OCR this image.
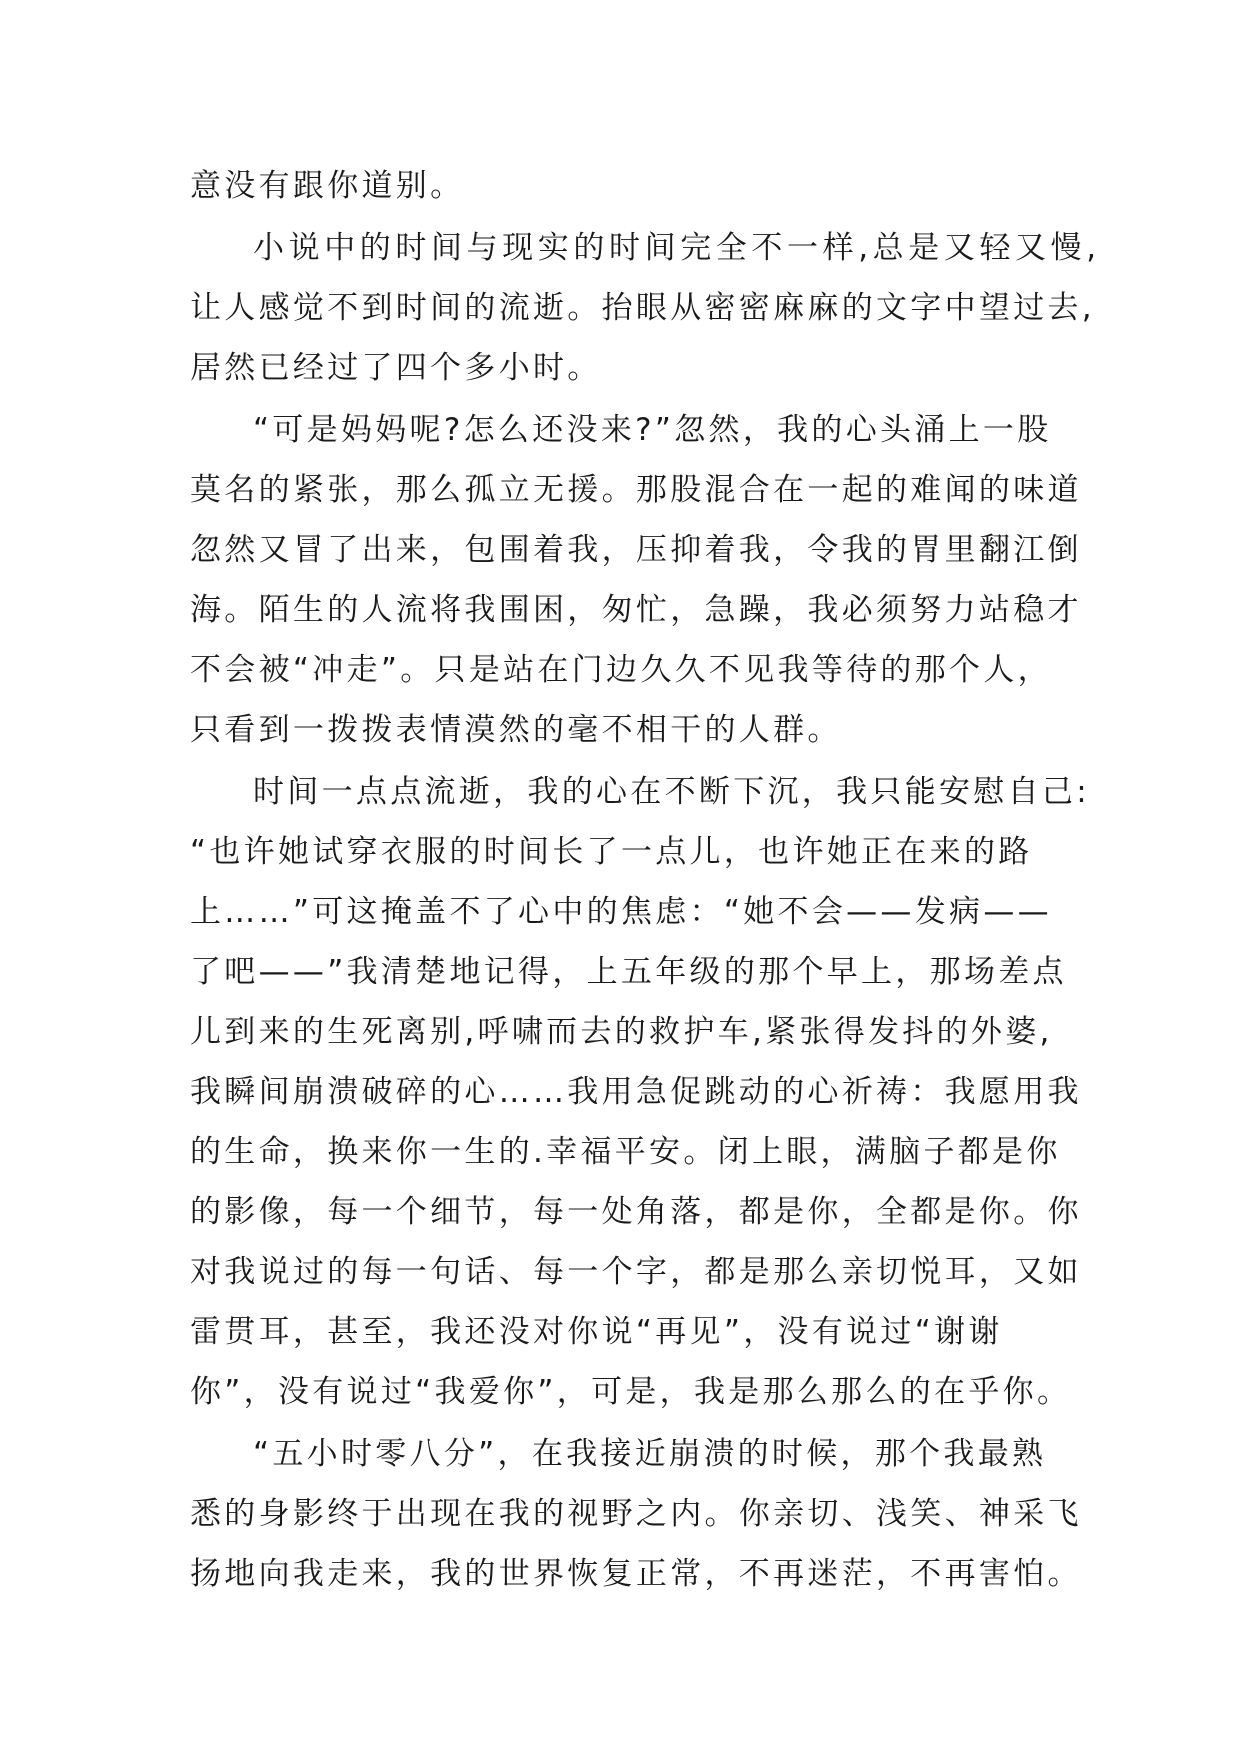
意没有跟你道别。
小说中的时间与现实的时间完全不一样,总是又轻又慢,
让人感觉不到时间的流逝。抬眼从密密麻麻的文字中望过去,
居然已经过了四个多小时。
“可是妈妈呢?怎么还没来?”忽然，我的心头涌上一股
莫名的紧张，那么孤立无援。那股混合在一起的难闻的味道
忽然又冒了出来，包围着我，压抑着我，令我的胃里翻江倒
海。陌生的人流将我围困，匆忙，急躁，我必须努力站稳才
不会被“冲走”。只是站在门边久久不见我等待的那个人，
只看到一拨拨表情漠然的毫不相干的人群。
时间一点点流逝，我的心在不断下沉，我只能安慰自己:
“也许她试穿衣服的时间长了一点儿，也许她正在来的路
上……”可这掩盖不了心中的焦虑：“她不会——发病——
了吧——”我清楚地记得，上五年级的那个早上，那场差点
儿到来的生死离别,呼啸而去的救护车,紧张得发抖的外婆,
我瞬间崩溃破碎的心……我用急促跳动的心祈祷：我愿用我
的生命，换来你一生的.幸福平安。闭上眼，满脑子都是你
的影像，每一个细节，每一处角落，都是你，全都是你。你
对我说过的每一句话、每一个字，都是那么亲切悦耳，又如
雷贯耳，甚至，我还没对你说“再见”，没有说过“谢谢
你”，没有说过“我爱你”，可是，我是那么那么的在乎你。
“五小时零八分”，在我接近崩溃的时候，那个我最熟
悉的身影终于出现在我的视野之内。你亲切、浅笑、神采飞
扬地向我走来，我的世界恢复正常，不再迷茫，不再害怕。
